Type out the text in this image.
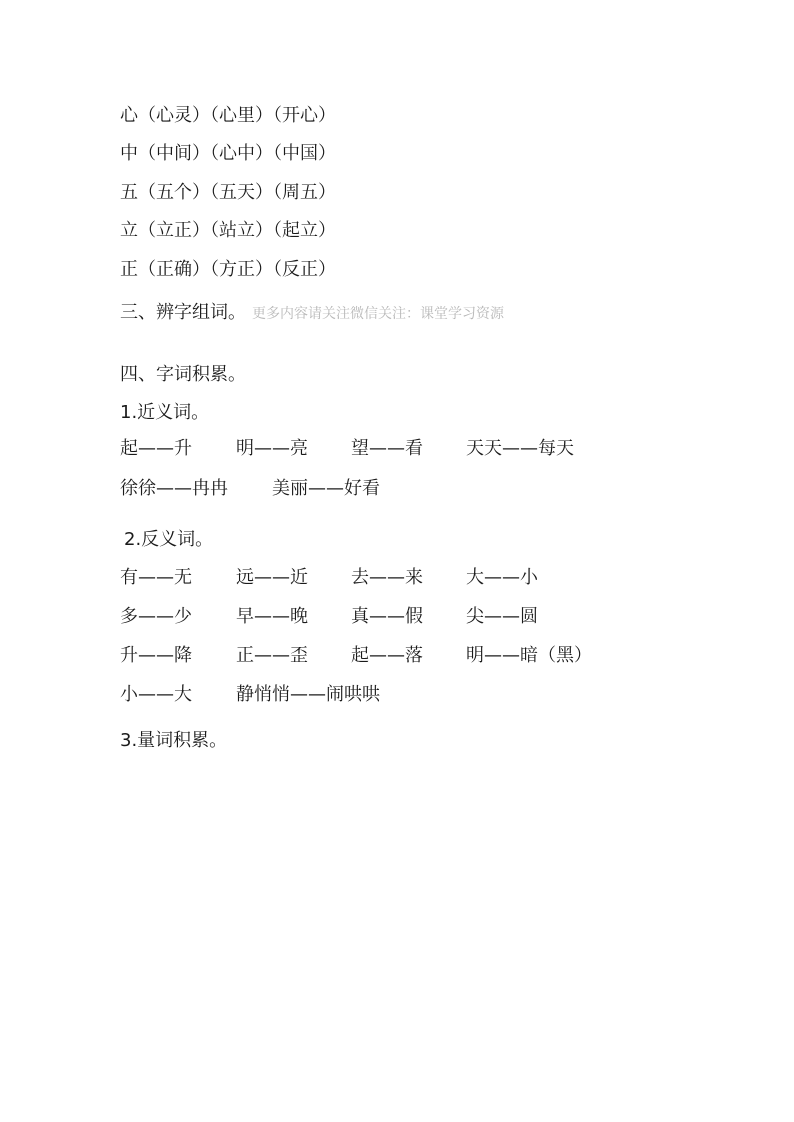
心（心灵）（心里）（开心）
中（中间）（心中）（中国）
五（五个）（五天）（周五）
立（立正）（站立）（起立）
正（正确）（方正）（反正）
三、辨字组词。 更多内容请关注微信关注：课堂学习资源
四、字词积累。
1.近义词。
起——升 明——亮 望——看 天天——每天
徐徐——冉冉 美丽——好看
2.反义词。
有——无 远——近 去——来 大——小
多——少 早——晚 真——假 尖——圆
升——降 正——歪 起——落 明——暗（黑）
小——大 静悄悄——闹哄哄
3.量词积累。
